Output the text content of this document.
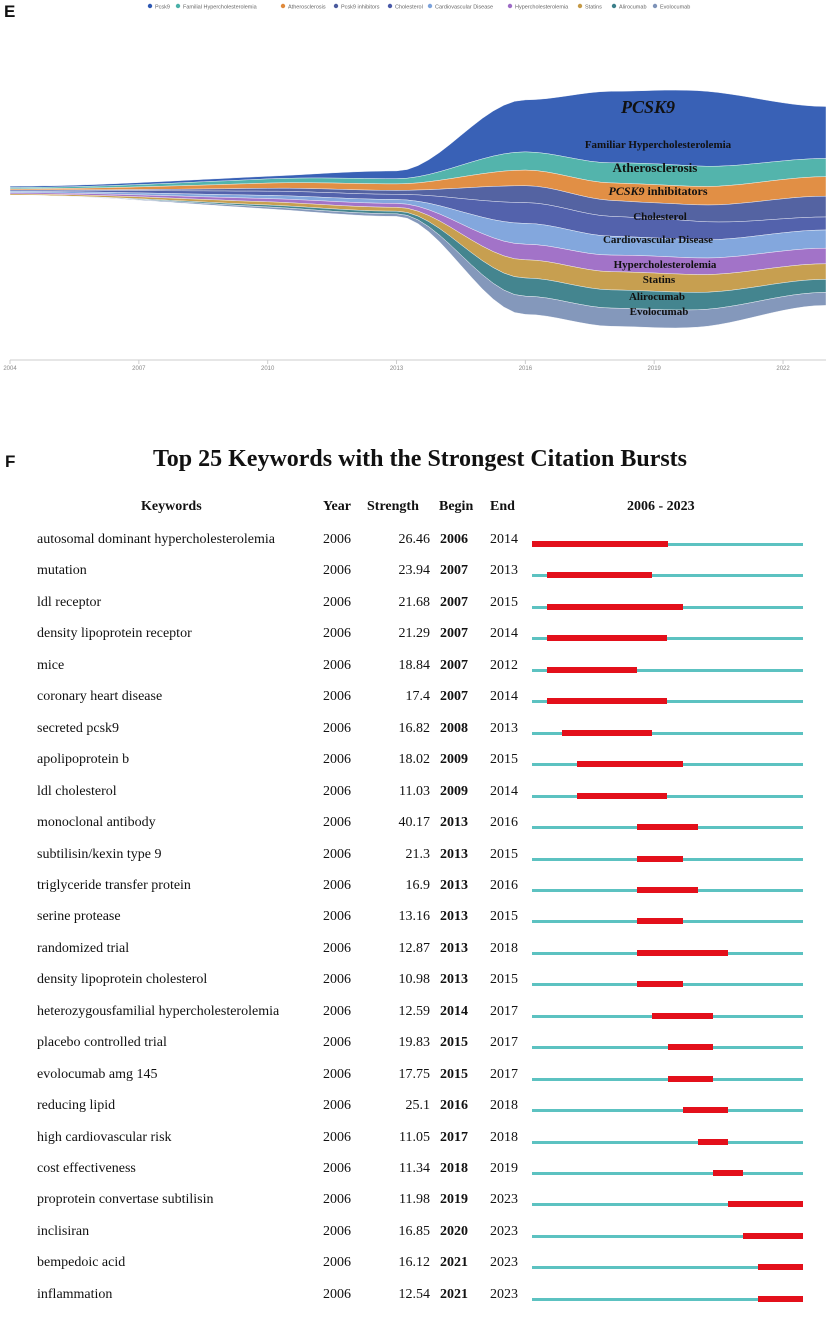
E	Pcsk9 Familial Hypercholesterolemia	Atherosclerosis	Pcsk9 inhibitors	Cholesterol Cardiovascular Disease	Hypercholesterolemia	Statins	Alirocumab Evolocumab
PCSK9
Familiar Hypercholesterolemia
Atherosclerosis
PCSK9 inhibitators
Cholesterol
Cardiovascular Disease
Hypercholesterolemia
Statins
Alirocumab
Evolocumab
2004	2007	2010	2013	2016	2019	2022
F	Top 25 Keywords with the Strongest Citation Bursts
Keywords	Year Strength Begin End	2006 - 2023
autosomal dominant hypercholesterolemia	2006	26.46 2006 2014
mutation	2006	23.94 2007 2013
ldl receptor	2006	21.68 2007 2015
density lipoprotein receptor	2006	21.29 2007 2014
mice	2006	18.84 2007 2012
coronary heart disease	2006	17.4 2007 2014
secreted pcsk9	2006	16.82 2008 2013
apolipoprotein b	2006	18.02 2009 2015
ldl cholesterol	2006	11.03 2009 2014
monoclonal antibody	2006	40.17 2013 2016
subtilisin/kexin type 9	2006	21.3 2013 2015
triglyceride transfer protein	2006	16.9 2013 2016
serine protease	2006	13.16 2013 2015
randomized trial	2006	12.87 2013 2018
density lipoprotein cholesterol	2006	10.98 2013 2015
heterozygousfamilial hypercholesterolemia	2006	12.59 2014 2017
placebo controlled trial	2006	19.83 2015 2017
evolocumab amg 145	2006	17.75 2015 2017
reducing lipid	2006	25.1 2016 2018
high cardiovascular risk	2006	11.05 2017 2018
cost effectiveness	2006	11.34 2018 2019
proprotein convertase subtilisin	2006	11.98 2019 2023
inclisiran	2006	16.85 2020 2023
bempedoic acid	2006	16.12 2021 2023
inflammation	2006	12.54 2021 2023
